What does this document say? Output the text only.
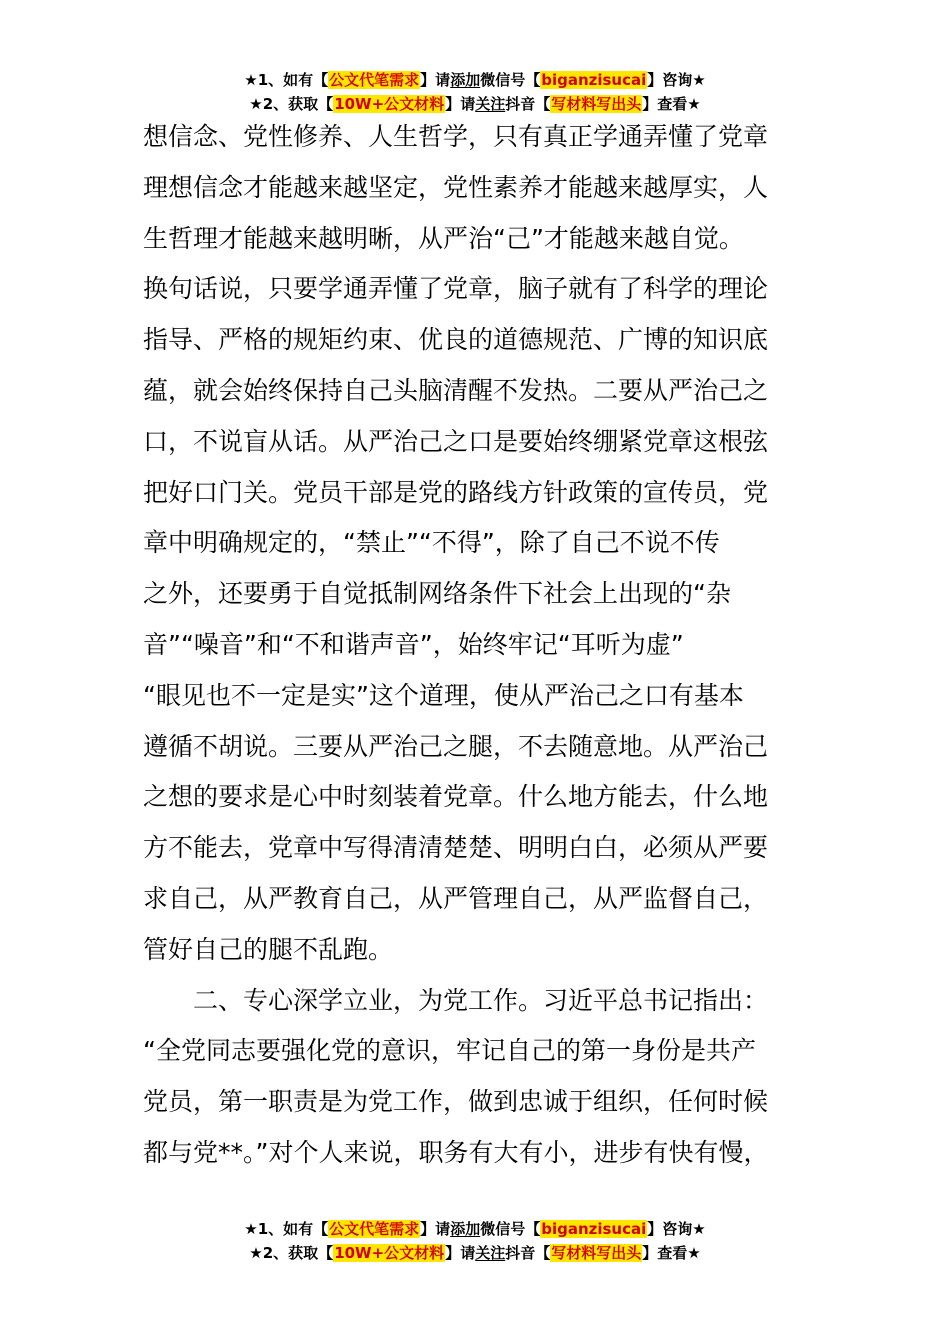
★1、如有【公文代笔需求】请添加微信号【biganzisucai】咨询★
★2、获取【10W+公文材料】请关注抖音【写材料写出头】查看★
想信念、党性修养、人生哲学，只有真正学通弄懂了党章
理想信念才能越来越坚定，党性素养才能越来越厚实，人
生哲理才能越来越明晰，从严治“己”才能越来越自觉。
换句话说，只要学通弄懂了党章，脑子就有了科学的理论
指导、严格的规矩约束、优良的道德规范、广博的知识底
蕴，就会始终保持自己头脑清醒不发热。二要从严治己之
口，不说盲从话。从严治己之口是要始终绷紧党章这根弦
把好口门关。党员干部是党的路线方针政策的宣传员，党
章中明确规定的，“禁止”“不得”，除了自己不说不传
之外，还要勇于自觉抵制网络条件下社会上出现的“杂
音”“噪音”和“不和谐声音”，始终牢记“耳听为虚”
“眼见也不一定是实”这个道理，使从严治己之口有基本
遵循不胡说。三要从严治己之腿，不去随意地。从严治己
之想的要求是心中时刻装着党章。什么地方能去，什么地
方不能去，党章中写得清清楚楚、明明白白，必须从严要
求自己，从严教育自己，从严管理自己，从严监督自己，
管好自己的腿不乱跑。
二、专心深学立业，为党工作。习近平总书记指出：
“全党同志要强化党的意识，牢记自己的第一身份是共产
党员，第一职责是为党工作，做到忠诚于组织，任何时候
都与党**。”对个人来说，职务有大有小，进步有快有慢，
★1、如有【公文代笔需求】请添加微信号【biganzisucai】咨询★
★2、获取【10W+公文材料】请关注抖音【写材料写出头】查看★
